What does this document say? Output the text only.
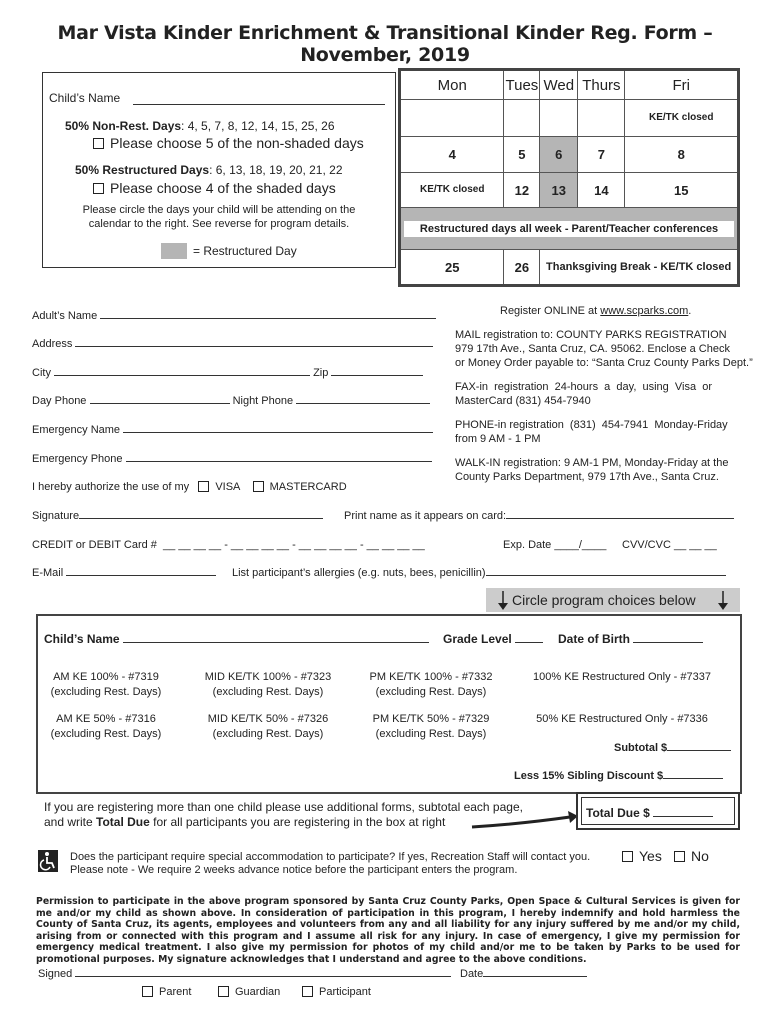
Mar Vista Kinder Enrichment & Transitional Kinder Reg. Form – November, 2019
Child’s Name
50% Non-Rest. Days: 4, 5, 7, 8, 12, 14, 15, 25, 26
Please choose 5 of the non-shaded days
50% Restructured Days: 6, 13, 18, 19, 20, 21, 22
Please choose 4 of the shaded days
Please circle the days your child will be attending on the
calendar to the right. See reverse for program details.
= Restructured Day
Mon	Tues	Wed	Thurs	Fri
				KE/TK closed
4	5	6	7	8
KE/TK closed	12	13	14	15

Restructured days all week - Parent/Teacher conferences				

25	26	Thanksgiving Break - KE/TK closed		
Adult’s Name
Address
City	Zip
Day Phone	Night Phone
Emergency Name
Emergency Phone
I hereby authorize the use of my VISA	MASTERCARD
Register ONLINE at www.scparks.com.
MAIL registration to: COUNTY PARKS REGISTRATION
979 17th Ave., Santa Cruz, CA. 95062. Enclose a Check
or Money Order payable to: “Santa Cruz County Parks Dept.”
FAX-in  registration  24-hours  a  day,  using  Visa  or
MasterCard (831) 454-7940
PHONE-in registration  (831)  454-7941  Monday-Friday
from 9 AM - 1 PM
WALK-IN registration: 9 AM-1 PM, Monday-Friday at the
County Parks Department, 979 17th Ave., Santa Cruz.
Signature	Print name as it appears on card:
CREDIT or DEBIT Card # __ __ __ __ - __ __ __ __ - __ __ __ __ - __ __ __ __	Exp. Date ____/____ CVV/CVC __ __ __
E-Mail	List participant’s allergies (e.g. nuts, bees, penicillin)
Circle program choices below
Child’s Name	Grade Level	Date of Birth
AM KE 100% - #7319
(excluding Rest. Days)
MID KE/TK 100% - #7323
(excluding Rest. Days)
PM KE/TK 100% - #7332
(excluding Rest. Days)
100% KE Restructured Only - #7337
AM KE 50% - #7316
(excluding Rest. Days)
MID KE/TK 50% - #7326
(excluding Rest. Days)
PM KE/TK 50% - #7329
(excluding Rest. Days)
50% KE Restructured Only - #7336
Subtotal $
Less 15% Sibling Discount $
If you are registering more than one child please use additional forms, subtotal each page,
and write Total Due for all participants you are registering in the box at right
Total Due $
Does the participant require special accommodation to participate? If yes, Recreation Staff will contact you.
Please note - We require 2 weeks advance notice before the participant enters the program.
Yes	No
Permission to participate in the above program sponsored by Santa Cruz County Parks, Open Space & Cultural Services is given for me and/or my child as shown above. In consideration of participation in this program, I hereby indemnify and hold harmless the County of Santa Cruz, its agents, employees and volunteers from any and all liability for any injury suffered by me and/or my child, arising from or connected with this program and I assume all risk for any injury. In case of emergency, I give my permission for emergency medical treatment. I also give my permission for photos of my child and/or me to be taken by Parks to be used for promotional purposes. My signature acknowledges that I understand and agree to the above conditions.
Signed	Date
Parent	Guardian	Participant
